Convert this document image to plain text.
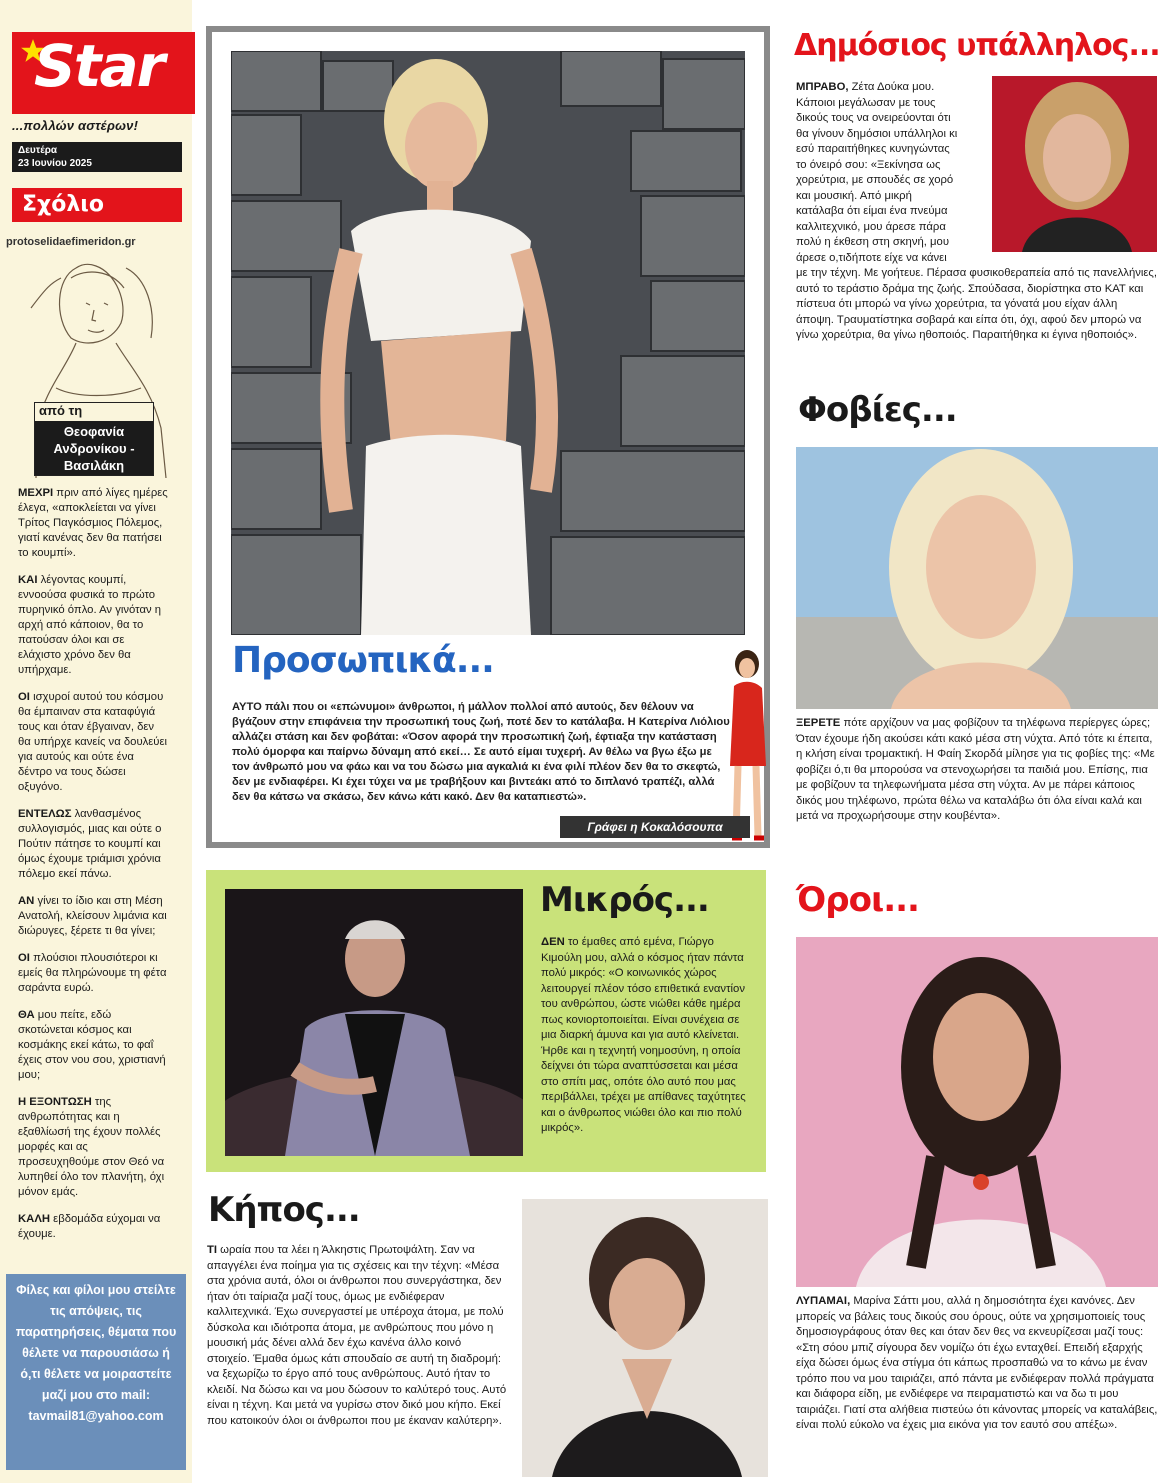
Star
...πολλών αστέρων!
Δευτέρα
23 Ιουνίου 2025
Σχόλιο
protoselidaefimeridon.gr
από τη
Θεοφανία Ανδρονίκου - Βασιλάκη

ΜΕΧΡΙ πριν από λίγες ημέρες έλεγα, «αποκλείεται να γίνει Τρίτος Παγκόσμιος Πόλεμος, γιατί κανένας δεν θα πατήσει το κουμπί».

ΚΑΙ λέγοντας κουμπί, εννοούσα φυσικά το πρώτο πυρηνικό όπλο. Αν γινόταν η αρχή από κάποιον, θα το πατούσαν όλοι και σε ελάχιστο χρόνο δεν θα υπήρχαμε.

ΟΙ ισχυροί αυτού του κόσμου θα έμπαιναν στα καταφύγιά τους και όταν έβγαιναν, δεν θα υπήρχε κανείς να δουλεύει για αυτούς και ούτε ένα δέντρο να τους δώσει οξυγόνο.

ΕΝΤΕΛΩΣ λανθασμένος συλλογισμός, μιας και ούτε ο Πούτιν πάτησε το κουμπί και όμως έχουμε τριάμισι χρόνια πόλεμο εκεί πάνω.

ΑΝ γίνει το ίδιο και στη Μέση Ανατολή, κλείσουν λιμάνια και διώρυγες, ξέρετε τι θα γίνει;

ΟΙ πλούσιοι πλουσιότεροι κι εμείς θα πληρώνουμε τη φέτα σαράντα ευρώ.

ΘΑ μου πείτε, εδώ σκοτώνεται κόσμος και κοσμάκης εκεί κάτω, το φαΐ έχεις στον νου σου, χριστιανή μου;

Η ΕΞΟΝΤΩΣΗ της ανθρωπότητας και η εξαθλίωσή της έχουν πολλές μορφές και ας προσευχηθούμε στον Θεό να λυπηθεί όλο τον πλανήτη, όχι μόνον εμάς.

ΚΑΛΗ εβδομάδα εύχομαι να έχουμε.

Φίλες και φίλοι μου στείλτε τις απόψεις, τις παρατηρήσεις, θέματα που θέλετε να παρουσιάσω ή ό,τι θέλετε να μοιραστείτε μαζί μου στο mail:
tavmail81@yahoo.com
Προσωπικά...
ΑΥΤΟ πάλι που οι «επώνυμοι» άνθρωποι, ή μάλλον πολλοί από αυτούς, δεν θέλουν να βγάζουν στην επιφάνεια την προσωπική τους ζωή, ποτέ δεν το κατάλαβα. Η Κατερίνα Λιόλιου αλλάζει στάση και δεν φοβάται: «Όσον αφορά την προσωπική ζωή, έφτιαξα την κατάσταση πολύ όμορφα και παίρνω δύναμη από εκεί… Σε αυτό είμαι τυχερή. Αν θέλω να βγω έξω με τον άνθρωπό μου να φάω και να του δώσω μια αγκαλιά κι ένα φιλί πλέον δεν θα το σκεφτώ, δεν με ενδιαφέρει. Κι έχει τύχει να με τραβήξουν και βιντεάκι από το διπλανό τραπέζι, αλλά δεν θα κάτσω να σκάσω, δεν κάνω κάτι κακό. Δεν θα καταπιεστώ».
Γράφει η Κοκαλόσουπα
Μικρός...
ΔΕΝ το έμαθες από εμένα, Γιώργο Κιμούλη μου, αλλά ο κόσμος ήταν πάντα πολύ μικρός: «Ο κοινωνικός χώρος λειτουργεί πλέον τόσο επιθετικά εναντίον του ανθρώπου, ώστε νιώθει κάθε ημέρα πως κονιορτοποιείται. Είναι συνέχεια σε μια διαρκή άμυνα και για αυτό κλείνεται. Ήρθε και η τεχνητή νοημοσύνη, η οποία δείχνει ότι τώρα αναπτύσσεται και μέσα στο σπίτι μας, οπότε όλο αυτό που μας περιβάλλει, τρέχει με απίθανες ταχύτητες και ο άνθρωπος νιώθει όλο και πιο πολύ μικρός».
Κήπος...
ΤΙ ωραία που τα λέει η Άλκηστις Πρωτοψάλτη. Σαν να απαγγέλει ένα ποίημα για τις σχέσεις και την τέχνη: «Μέσα στα χρόνια αυτά, όλοι οι άνθρωποι που συνεργάστηκα, δεν ήταν ότι ταίριαζα μαζί τους, όμως με ενδιέφεραν καλλιτεχνικά. Έχω συνεργαστεί με υπέροχα άτομα, με πολύ δύσκολα και ιδιότροπα άτομα, με ανθρώπους που μόνο η μουσική μάς δένει αλλά δεν έχω κανένα άλλο κοινό στοιχείο. Έμαθα όμως κάτι σπουδαίο σε αυτή τη διαδρομή: να ξεχωρίζω το έργο από τους ανθρώπους. Αυτό ήταν το κλειδί. Να δώσω και να μου δώσουν το καλύτερό τους. Αυτό είναι η τέχνη. Και μετά να γυρίσω στον δικό μου κήπο. Εκεί που κατοικούν όλοι οι άνθρωποι που με έκαναν καλύτερη».
Δημόσιος υπάλληλος...
ΜΠΡΑΒΟ, Ζέτα Δούκα μου. Κάποιοι μεγάλωσαν με τους δικούς τους να ονειρεύονται ότι θα γίνουν δημόσιοι υπάλληλοι κι εσύ παραιτήθηκες κυνηγώντας το όνειρό σου: «Ξεκίνησα ως χορεύτρια, με σπουδές σε χορό και μουσική. Από μικρή κατάλαβα ότι είμαι ένα πνεύμα καλλιτεχνικό, μου άρεσε πάρα πολύ η έκθεση στη σκηνή, μου άρεσε ο,τιδήποτε είχε να κάνει με την τέχνη. Με γοήτευε. Πέρασα φυσικοθεραπεία από τις πανελλήνιες, αυτό το τεράστιο δράμα της ζωής. Σπούδασα, διορίστηκα στο ΚΑΤ και πίστευα ότι μπορώ να γίνω χορεύτρια, τα γόνατά μου είχαν άλλη άποψη. Τραυματίστηκα σοβαρά και είπα ότι, όχι, αφού δεν μπορώ να γίνω χορεύτρια, θα γίνω ηθοποιός. Παραιτήθηκα κι έγινα ηθοποιός».
Φοβίες...
ΞΕΡΕΤΕ πότε αρχίζουν να μας φοβίζουν τα τηλέφωνα περίεργες ώρες; Όταν έχουμε ήδη ακούσει κάτι κακό μέσα στη νύχτα. Από τότε κι έπειτα, η κλήση είναι τρομακτική. Η Φαίη Σκορδά μίλησε για τις φοβίες της: «Με φοβίζει ό,τι θα μπορούσα να στενοχωρήσει τα παιδιά μου. Επίσης, πια με φοβίζουν τα τηλεφωνήματα μέσα στη νύχτα. Αν με πάρει κάποιος δικός μου τηλέφωνο, πρώτα θέλω να καταλάβω ότι όλα είναι καλά και μετά να προχωρήσουμε στην κουβέντα».
Όροι...
ΛΥΠΑΜΑΙ, Μαρίνα Σάττι μου, αλλά η δημοσιότητα έχει κανόνες. Δεν μπορείς να βάλεις τους δικούς σου όρους, ούτε να χρησιμοποιείς τους δημοσιογράφους όταν θες και όταν δεν θες να εκνευρίζεσαι μαζί τους: «Στη σόου μπιζ σίγουρα δεν νομίζω ότι έχω ενταχθεί. Επειδή εξαρχής είχα δώσει όμως ένα στίγμα ότι κάπως προσπαθώ να το κάνω με έναν τρόπο που να μου ταιριάζει, από πάντα με ενδιέφεραν πολλά πράγματα και διάφορα είδη, με ενδιέφερε να πειραματιστώ και να δω τι μου ταιριάζει. Γιατί στα αλήθεια πιστεύω ότι κάνοντας μπορείς να καταλάβεις, είναι πολύ εύκολο να έχεις μια εικόνα για τον εαυτό σου απέξω».
